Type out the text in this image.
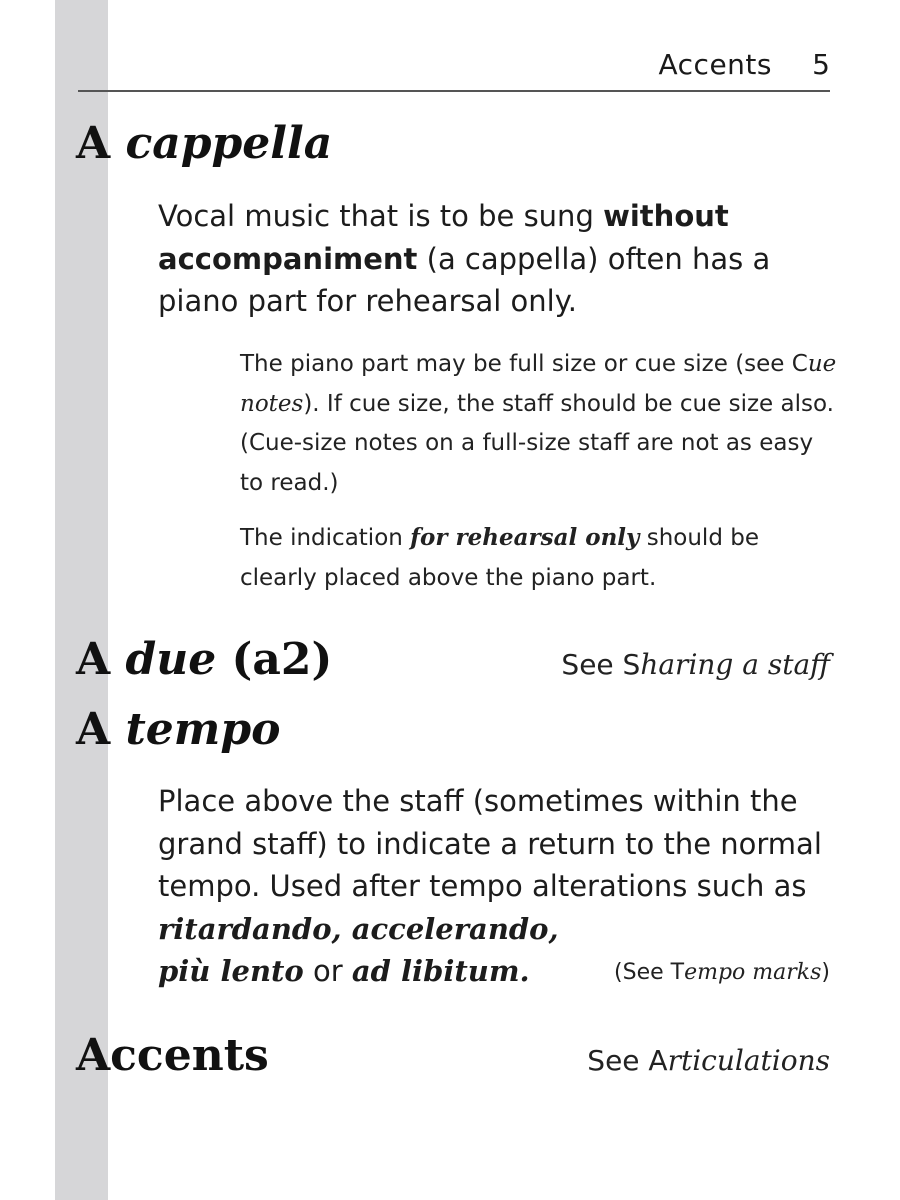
Accents 5
A cappella

Vocal music that is to be sung without accompaniment (a cappella) often has a piano part for rehearsal only.

The piano part may be full size or cue size (see Cue notes). If cue size, the staff should be cue size also. (Cue-size notes on a full-size staff are not as easy to read.)

The indication for rehearsal only should be clearly placed above the piano part.

A due (a2)	See Sharing a staff
A tempo

Place above the staff (sometimes within the grand staff) to indicate a return to the normal tempo. Used after tempo alterations such as ritardando, accelerando,
più lento or ad libitum.	(See Tempo marks)
Accents	See Articulations
